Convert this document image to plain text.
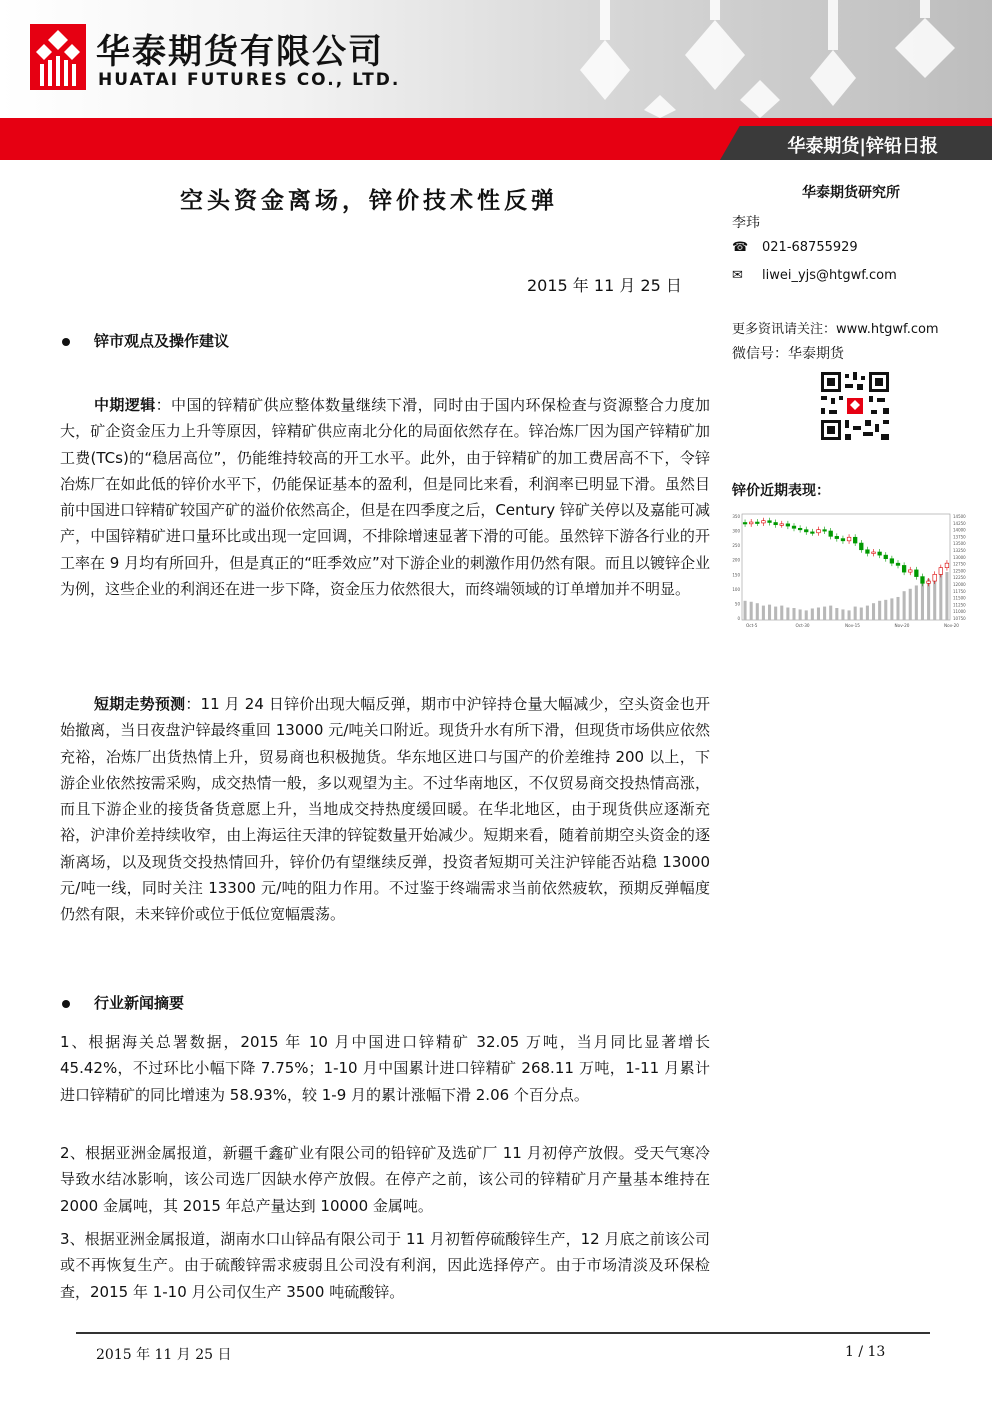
华泰期货|锌铅日报
华泰期货有限公司
HUATAI FUTURES CO., LTD.
空头资金离场，锌价技术性反弹
2015 年 11 月 25 日
华泰期货研究所
李玮
☎ 021-68755929
✉ liwei_yjs@htgwf.com
更多资讯请关注：www.htgwf.com
微信号：华泰期货
锌价近期表现：
350
300
250
200
150
100
50
0
14500
14250
14000
13750
13500
13250
13000
12750
12500
12250
12000
11750
11500
11250
11000
10750
Oct-5	Oct-30	Nov-15	Nov-20	Nov-20
锌市观点及操作建议
中期逻辑：中国的锌精矿供应整体数量继续下滑，同时由于国内环保检查与资源整合力度加大，矿企资金压力上升等原因，锌精矿供应南北分化的局面依然存在。锌冶炼厂因为国产锌精矿加工费(TCs)的“稳居高位”，仍能维持较高的开工水平。此外，由于锌精矿的加工费居高不下，令锌冶炼厂在如此低的锌价水平下，仍能保证基本的盈利，但是同比来看，利润率已明显下滑。虽然目前中国进口锌精矿较国产矿的溢价依然高企，但是在四季度之后，Century 锌矿关停以及嘉能可减产，中国锌精矿进口量环比或出现一定回调，不排除增速显著下滑的可能。虽然锌下游各行业的开工率在 9 月均有所回升，但是真正的“旺季效应”对下游企业的刺激作用仍然有限。而且以镀锌企业为例，这些企业的利润还在进一步下降，资金压力依然很大，而终端领域的订单增加并不明显。
短期走势预测：11 月 24 日锌价出现大幅反弹，期市中沪锌持仓量大幅减少，空头资金也开始撤离，当日夜盘沪锌最终重回 13000 元/吨关口附近。现货升水有所下滑，但现货市场供应依然充裕，冶炼厂出货热情上升，贸易商也积极抛货。华东地区进口与国产的价差维持 200 以上，下游企业依然按需采购，成交热情一般，多以观望为主。不过华南地区，不仅贸易商交投热情高涨，而且下游企业的接货备货意愿上升，当地成交持热度缓回暖。在华北地区，由于现货供应逐渐充裕，沪津价差持续收窄，由上海运往天津的锌锭数量开始减少。短期来看，随着前期空头资金的逐渐离场，以及现货交投热情回升，锌价仍有望继续反弹，投资者短期可关注沪锌能否站稳 13000 元/吨一线，同时关注 13300 元/吨的阻力作用。不过鉴于终端需求当前依然疲软，预期反弹幅度仍然有限，未来锌价或位于低位宽幅震荡。
行业新闻摘要
1、根据海关总署数据，2015 年 10 月中国进口锌精矿 32.05 万吨，当月同比显著增长 45.42%，不过环比小幅下降 7.75%；1-10 月中国累计进口锌精矿 268.11 万吨，1-11 月累计进口锌精矿的同比增速为 58.93%，较 1-9 月的累计涨幅下滑 2.06 个百分点。
2、根据亚洲金属报道，新疆千鑫矿业有限公司的铅锌矿及选矿厂 11 月初停产放假。受天气寒冷导致水结冰影响，该公司选厂因缺水停产放假。在停产之前，该公司的锌精矿月产量基本维持在 2000 金属吨，其 2015 年总产量达到 10000 金属吨。
3、根据亚洲金属报道，湖南水口山锌品有限公司于 11 月初暂停硫酸锌生产，12 月底之前该公司或不再恢复生产。由于硫酸锌需求疲弱且公司没有利润，因此选择停产。由于市场清淡及环保检查，2015 年 1-10 月公司仅生产 3500 吨硫酸锌。
2015 年 11 月 25 日	1 / 13
